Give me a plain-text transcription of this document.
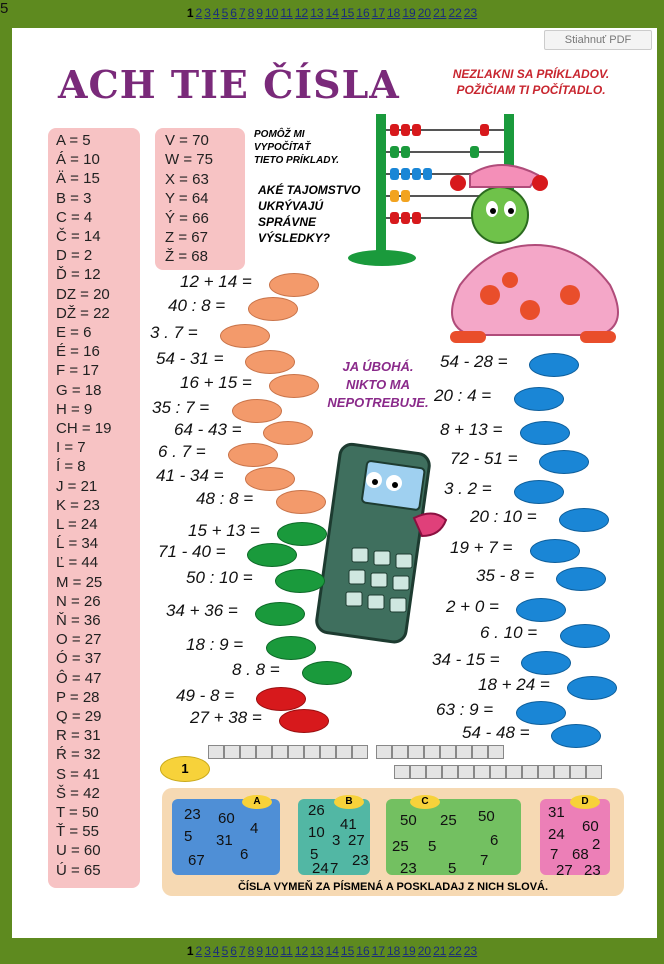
1 2 3 4 5 6 7 8 9 10 11 12 13 14 15 16 17 18 19 20 21 22 23
Stiahnuť PDF
ACH TIE ČÍSLA	NEZĽAKNI SA PRÍKLADOV.
POŽIČIAM TI POČÍTADLO.
A = 5
Á = 10
Ä = 15
B = 3
C = 4
Č = 14
D = 2
Ď = 12
DZ = 20
DŽ = 22
E = 6
É = 16
F = 17
G = 18
H = 9
CH = 19
I = 7
Í = 8
J = 21
K = 23
L = 24
Ĺ = 34
Ľ = 44
M = 25
N = 26
Ň = 36
O = 27
Ó = 37
Ô = 47
P = 28
Q = 29
R = 31
Ŕ = 32
S = 41
Š = 42
T = 50
Ť = 55
U = 60
Ú = 65
V = 70
W = 75
X = 63
Y = 64
Ý = 66
Z = 67
Ž = 68
POMÔŽ MI
VYPOČÍTAŤ
TIETO PRÍKLADY.
AKÉ TAJOMSTVO
UKRÝVAJÚ
SPRÁVNE
VÝSLEDKY?
JA ÚBOHÁ.
NIKTO MA
NEPOTREBUJE.
12 + 14 =
40 : 8 =
3 . 7 =
54 - 31 =
16 + 15 =
35 : 7 =
64 - 43 =
6 . 7 =
41 - 34 =
48 : 8 =
15 + 13 =
71 - 40 =
50 : 10 =
34 + 36 =
18 : 9 =
8 . 8 =
49 - 8 =
27 + 38 =
54 - 28 =
20 : 4 =
8 + 13 =
72 - 51 =
3 . 2 =
20 : 10 =
19 + 7 =
35 - 8 =
2 + 0 =
6 . 10 =
34 - 15 =
18 + 24 =
63 : 9 =
54 - 48 =
1
A
23 60
4
5 31
67 6
B
26
41
10 3 27
5
7 23
24
C
50 25 50
25 5	6
23 5 7
5
D
31
60
24
2
7 68
27 23
ČÍSLA VYMEŇ ZA PÍSMENÁ A POSKLADAJ Z NICH SLOVÁ.
1 2 3 4 5 6 7 8 9 10 11 12 13 14 15 16 17 18 19 20 21 22 23
